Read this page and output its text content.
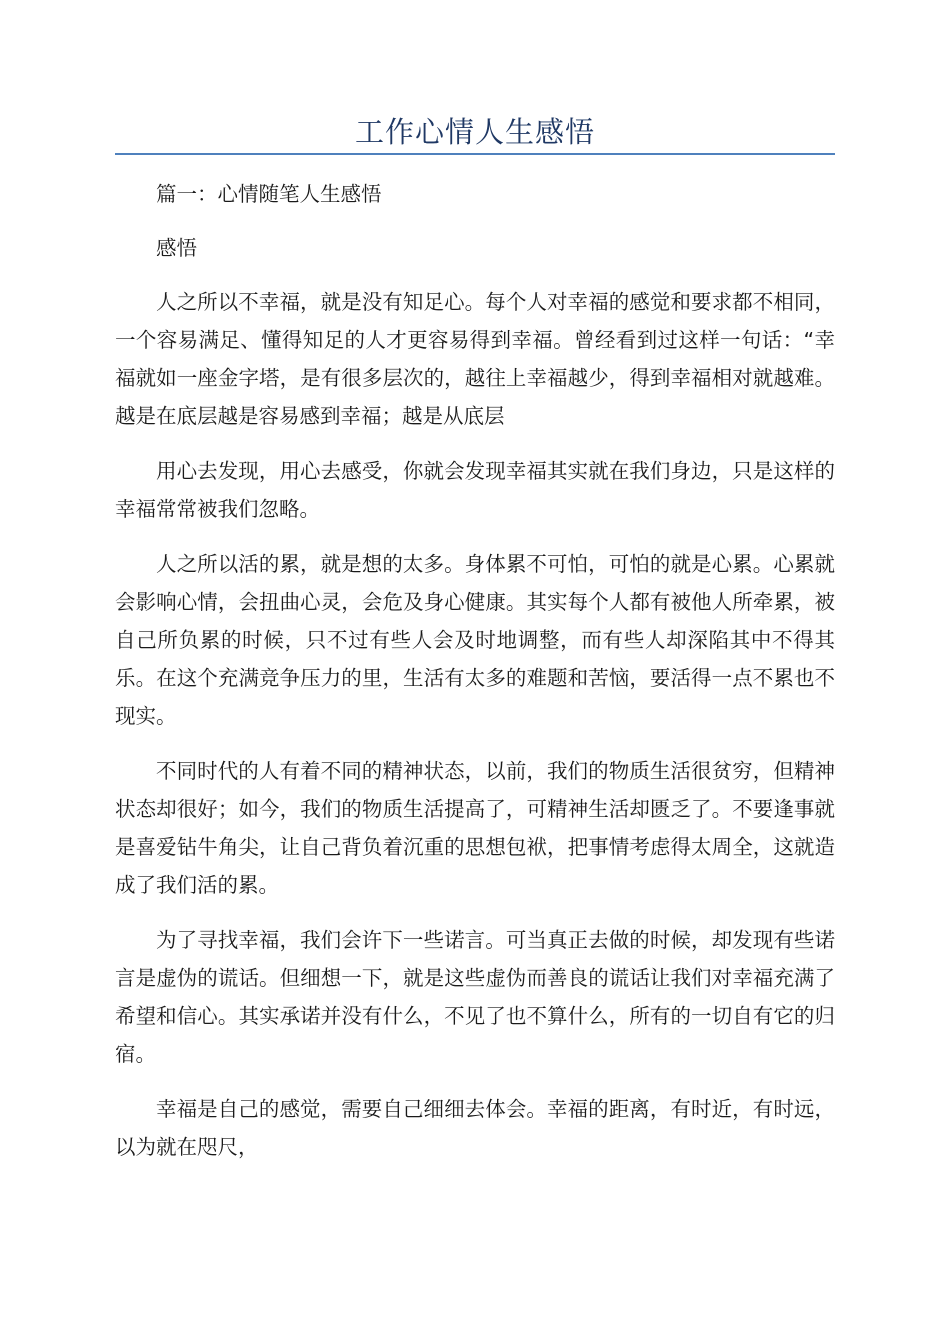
工作心情人生感悟

篇一：心情随笔人生感悟

感悟

人之所以不幸福，就是没有知足心。每个人对幸福的感觉和要求都不相同，一个容易满足、懂得知足的人才更容易得到幸福。曾经看到过这样一句话：“幸福就如一座金字塔，是有很多层次的，越往上幸福越少，得到幸福相对就越难。越是在底层越是容易感到幸福；越是从底层

用心去发现，用心去感受，你就会发现幸福其实就在我们身边，只是这样的幸福常常被我们忽略。

人之所以活的累，就是想的太多。身体累不可怕，可怕的就是心累。心累就会影响心情，会扭曲心灵，会危及身心健康。其实每个人都有被他人所牵累，被自己所负累的时候，只不过有些人会及时地调整，而有些人却深陷其中不得其乐。在这个充满竞争压力的里，生活有太多的难题和苦恼，要活得一点不累也不现实。

不同时代的人有着不同的精神状态，以前，我们的物质生活很贫穷，但精神状态却很好；如今，我们的物质生活提高了，可精神生活却匮乏了。不要逢事就是喜爱钻牛角尖，让自己背负着沉重的思想包袱，把事情考虑得太周全，这就造成了我们活的累。

为了寻找幸福，我们会许下一些诺言。可当真正去做的时候，却发现有些诺言是虚伪的谎话。但细想一下，就是这些虚伪而善良的谎话让我们对幸福充满了希望和信心。其实承诺并没有什么，不见了也不算什么，所有的一切自有它的归宿。

幸福是自己的感觉，需要自己细细去体会。幸福的距离，有时近，有时远，以为就在咫尺，
